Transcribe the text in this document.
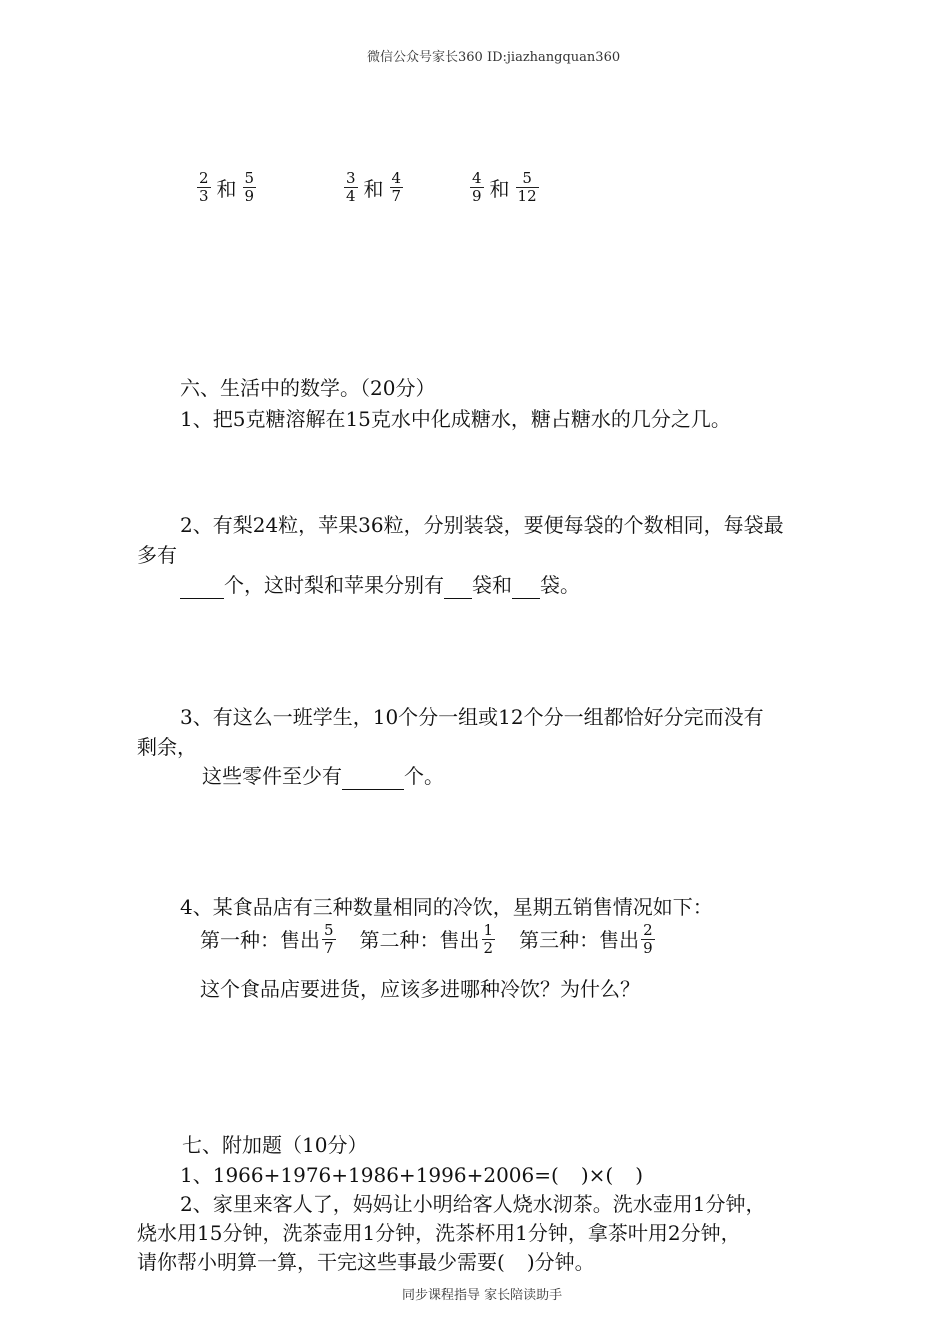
微信公众号家长360 ID:jiazhangquan360
$\frac{2}{3}$ 和 $\frac{5}{9}$	$\frac{3}{4}$ 和 $\frac{4}{7}$	$\frac{4}{9}$ 和 $\frac{5}{12}$
六、生活中的数学。（20分）
1、把5克糖溶解在15克水中化成糖水，糖占糖水的几分之几。
2、有梨24粒，苹果36粒，分别装袋，要便每袋的个数相同，每袋最
多有
个，这时梨和苹果分别有 袋和 袋。
3、有这么一班学生，10个分一组或12个分一组都恰好分完而没有
剩余，
这些零件至少有	个。
4、某食品店有三种数量相同的冷饮，星期五销售情况如下：
第一种：售出 $\frac{5}{7}$ 第二种：售出 $\frac{1}{2}$ 第三种：售出 $\frac{2}{9}$
这个食品店要进货，应该多进哪种冷饮？为什么？
七、附加题（10分）
1、1966+1976+1986+1996+2006=( )×( )
2、家里来客人了，妈妈让小明给客人烧水沏茶。洗水壶用1分钟，
烧水用15分钟，洗茶壶用1分钟，洗茶杯用1分钟，拿茶叶用2分钟，
请你帮小明算一算，干完这些事最少需要( )分钟。
同步课程指导 家长陪读助手
